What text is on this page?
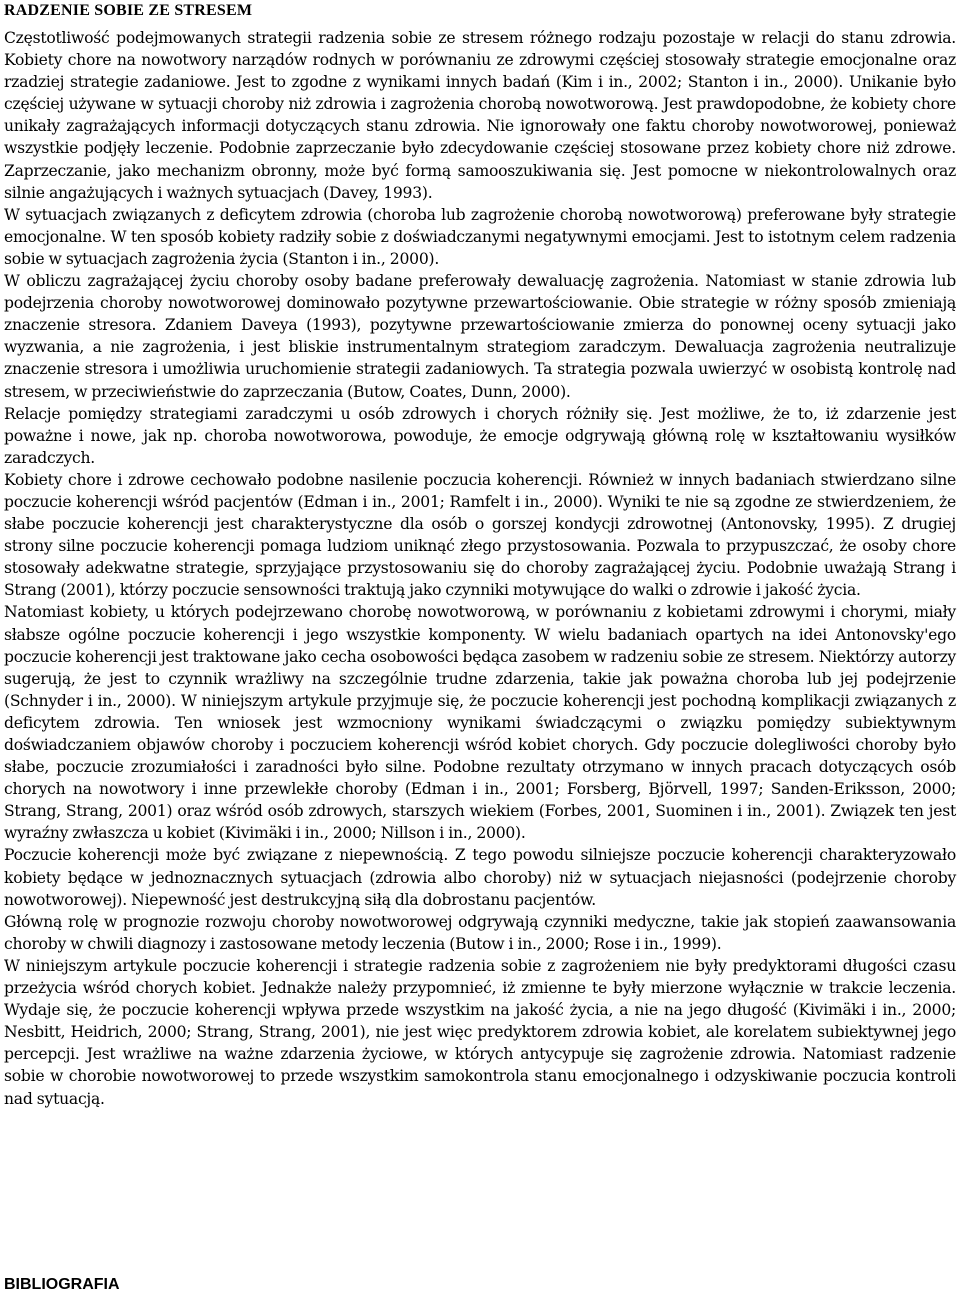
RADZENIE SOBIE ZE STRESEM

Częstotliwość podejmowanych strategii radzenia sobie ze stresem różnego rodzaju pozostaje w relacji do stanu zdrowia. Kobiety chore na nowotwory narządów rodnych w porównaniu ze zdrowymi częściej stosowały strategie emocjonalne oraz rzadziej strategie zadaniowe. Jest to zgodne z wynikami innych badań (Kim i in., 2002; Stanton i in., 2000). Unikanie było częściej używane w sytuacji choroby niż zdrowia i zagrożenia chorobą nowotworową. Jest prawdopodobne, że kobiety chore unikały zagrażających informacji dotyczących stanu zdrowia. Nie ignorowały one faktu choroby nowotworowej, ponieważ wszystkie podjęły leczenie. Podobnie zaprzeczanie było zdecydowanie częściej stosowane przez kobiety chore niż zdrowe. Zaprzeczanie, jako mechanizm obronny, może być formą samooszukiwania się. Jest pomocne w niekontrolowalnych oraz silnie angażujących i ważnych sytuacjach (Davey, 1993).

W sytuacjach związanych z deficytem zdrowia (choroba lub zagrożenie chorobą nowotworową) preferowane były strategie emocjonalne. W ten sposób kobiety radziły sobie z doświadczanymi negatywnymi emocjami. Jest to istotnym celem radzenia sobie w sytuacjach zagrożenia życia (Stanton i in., 2000).

W obliczu zagrażającej życiu choroby osoby badane preferowały dewaluację zagrożenia. Natomiast w stanie zdrowia lub podejrzenia choroby nowotworowej dominowało pozytywne przewartościowanie. Obie strategie w różny sposób zmieniają znaczenie stresora. Zdaniem Daveya (1993), pozytywne przewartościowanie zmierza do ponownej oceny sytuacji jako wyzwania, a nie zagrożenia, i jest bliskie instrumentalnym strategiom zaradczym. Dewaluacja zagrożenia neutralizuje znaczenie stresora i umożliwia uruchomienie strategii zadaniowych. Ta strategia pozwala uwierzyć w osobistą kontrolę nad stresem, w przeciwieństwie do zaprzeczania (Butow, Coates, Dunn, 2000).

Relacje pomiędzy strategiami zaradczymi u osób zdrowych i chorych różniły się. Jest możliwe, że to, iż zdarzenie jest poważne i nowe, jak np. choroba nowotworowa, powoduje, że emocje odgrywają główną rolę w kształtowaniu wysiłków zaradczych.

Kobiety chore i zdrowe cechowało podobne nasilenie poczucia koherencji. Również w innych badaniach stwierdzano silne poczucie koherencji wśród pacjentów (Edman i in., 2001; Ramfelt i in., 2000). Wyniki te nie są zgodne ze stwierdzeniem, że słabe poczucie koherencji jest charakterystyczne dla osób o gorszej kondycji zdrowotnej (Antonovsky, 1995). Z drugiej strony silne poczucie koherencji pomaga ludziom uniknąć złego przystosowania. Pozwala to przypuszczać, że osoby chore stosowały adekwatne strategie, sprzyjające przystosowaniu się do choroby zagrażającej życiu. Podobnie uważają Strang i Strang (2001), którzy poczucie sensowności traktują jako czynniki motywujące do walki o zdrowie i jakość życia.

Natomiast kobiety, u których podejrzewano chorobę nowotworową, w porównaniu z kobietami zdrowymi i chorymi, miały słabsze ogólne poczucie koherencji i jego wszystkie komponenty. W wielu badaniach opartych na idei Antonovsky'ego poczucie koherencji jest traktowane jako cecha osobowości będąca zasobem w radzeniu sobie ze stresem. Niektórzy autorzy sugerują, że jest to czynnik wrażliwy na szczególnie trudne zdarzenia, takie jak poważna choroba lub jej podejrzenie (Schnyder i in., 2000). W niniejszym artykule przyjmuje się, że poczucie koherencji jest pochodną komplikacji związanych z deficytem zdrowia. Ten wniosek jest wzmocniony wynikami świadczącymi o związku pomiędzy subiektywnym doświadczaniem objawów choroby i poczuciem koherencji wśród kobiet chorych. Gdy poczucie dolegliwości choroby było słabe, poczucie zrozumiałości i zaradności było silne. Podobne rezultaty otrzymano w innych pracach dotyczących osób chorych na nowotwory i inne przewlekłe choroby (Edman i in., 2001; Forsberg, Björvell, 1997; Sanden-Eriksson, 2000; Strang, Strang, 2001) oraz wśród osób zdrowych, starszych wiekiem (Forbes, 2001, Suominen i in., 2001). Związek ten jest wyraźny zwłaszcza u kobiet (Kivimäki i in., 2000; Nillson i in., 2000).

Poczucie koherencji może być związane z niepewnością. Z tego powodu silniejsze poczucie koherencji charakteryzowało kobiety będące w jednoznacznych sytuacjach (zdrowia albo choroby) niż w sytuacjach niejasności (podejrzenie choroby nowotworowej). Niepewność jest destrukcyjną siłą dla dobrostanu pacjentów.

Główną rolę w prognozie rozwoju choroby nowotworowej odgrywają czynniki medyczne, takie jak stopień zaawansowania choroby w chwili diagnozy i zastosowane metody leczenia (Butow i in., 2000; Rose i in., 1999).

W niniejszym artykule poczucie koherencji i strategie radzenia sobie z zagrożeniem nie były predyktorami długości czasu przeżycia wśród chorych kobiet. Jednakże należy przypomnieć, iż zmienne te były mierzone wyłącznie w trakcie leczenia. Wydaje się, że poczucie koherencji wpływa przede wszystkim na jakość życia, a nie na jego długość (Kivimäki i in., 2000; Nesbitt, Heidrich, 2000; Strang, Strang, 2001), nie jest więc predyktorem zdrowia kobiet, ale korelatem subiektywnej jego percepcji. Jest wrażliwe na ważne zdarzenia życiowe, w których antycypuje się zagrożenie zdrowia. Natomiast radzenie sobie w chorobie nowotworowej to przede wszystkim samokontrola stanu emocjonalnego i odzyskiwanie poczucia kontroli nad sytuacją.

BIBLIOGRAFIA
